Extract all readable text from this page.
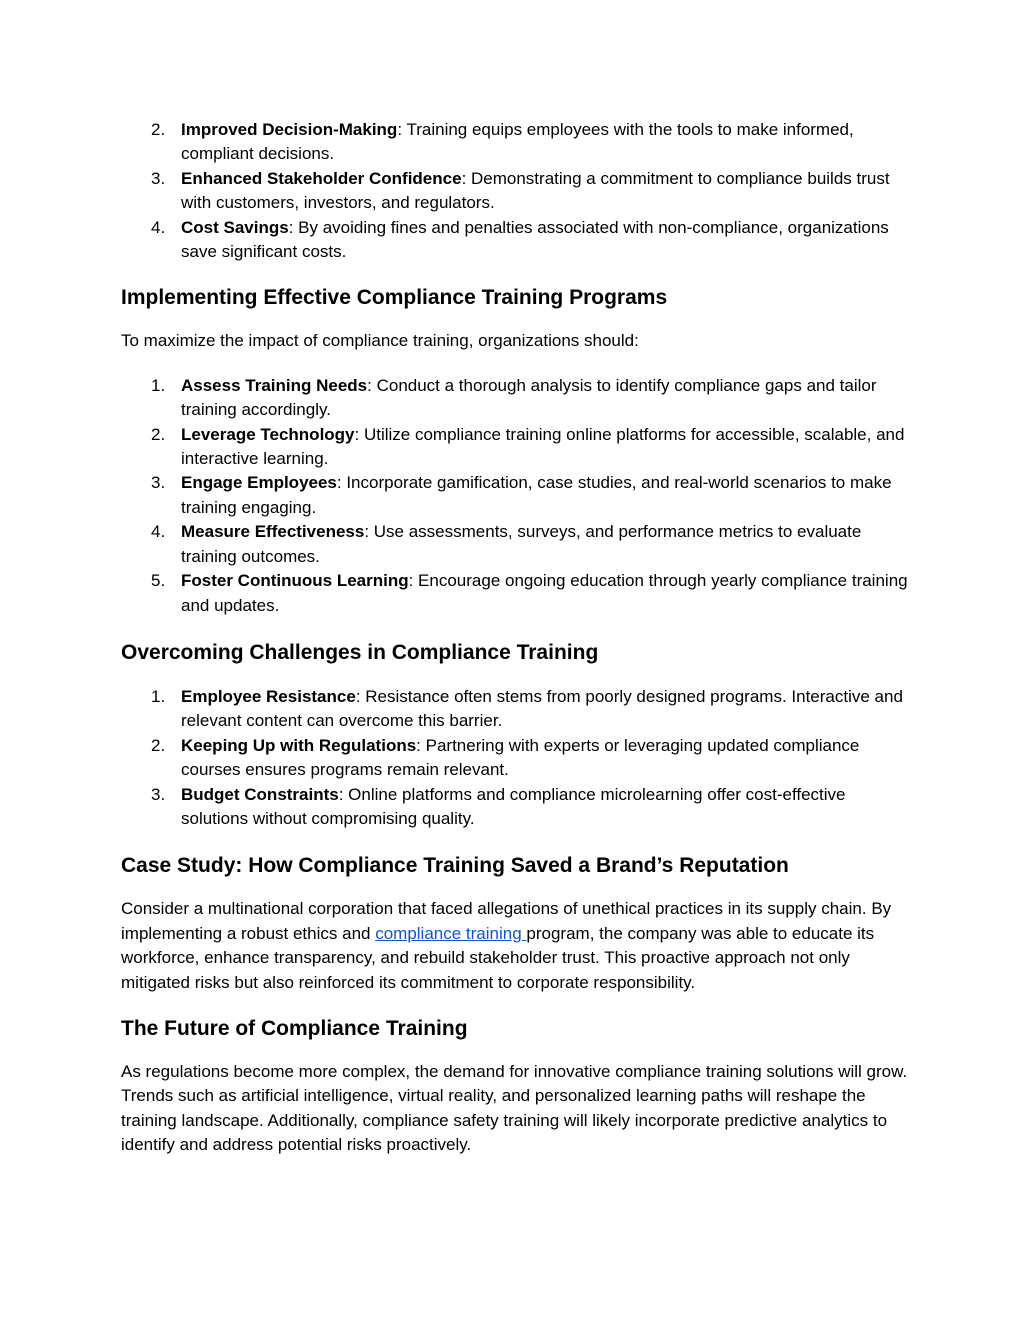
2. Improved Decision-Making: Training equips employees with the tools to make informed, compliant decisions.
3. Enhanced Stakeholder Confidence: Demonstrating a commitment to compliance builds trust with customers, investors, and regulators.
4. Cost Savings: By avoiding fines and penalties associated with non-compliance, organizations save significant costs.
Implementing Effective Compliance Training Programs

To maximize the impact of compliance training, organizations should:

1. Assess Training Needs: Conduct a thorough analysis to identify compliance gaps and tailor training accordingly.
2. Leverage Technology: Utilize compliance training online platforms for accessible, scalable, and interactive learning.
3. Engage Employees: Incorporate gamification, case studies, and real-world scenarios to make training engaging.
4. Measure Effectiveness: Use assessments, surveys, and performance metrics to evaluate training outcomes.
5. Foster Continuous Learning: Encourage ongoing education through yearly compliance training and updates.
Overcoming Challenges in Compliance Training
1. Employee Resistance: Resistance often stems from poorly designed programs. Interactive and relevant content can overcome this barrier.
2. Keeping Up with Regulations: Partnering with experts or leveraging updated compliance courses ensures programs remain relevant.
3. Budget Constraints: Online platforms and compliance microlearning offer cost-effective solutions without compromising quality.
Case Study: How Compliance Training Saved a Brand’s Reputation

Consider a multinational corporation that faced allegations of unethical practices in its supply chain. By implementing a robust ethics and compliance training program, the company was able to educate its workforce, enhance transparency, and rebuild stakeholder trust. This proactive approach not only mitigated risks but also reinforced its commitment to corporate responsibility.

The Future of Compliance Training

As regulations become more complex, the demand for innovative compliance training solutions will grow. Trends such as artificial intelligence, virtual reality, and personalized learning paths will reshape the training landscape. Additionally, compliance safety training will likely incorporate predictive analytics to identify and address potential risks proactively.
